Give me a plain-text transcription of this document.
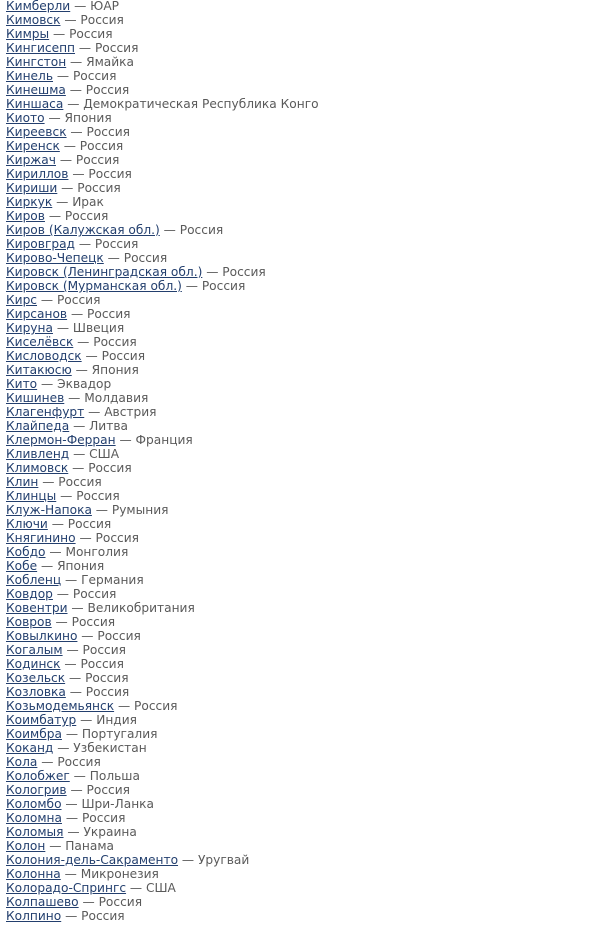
Кимберли — ЮАР
Кимовск — Россия
Кимры — Россия
Кингисепп — Россия
Кингстон — Ямайка
Кинель — Россия
Кинешма — Россия
Киншаса — Демократическая Республика Конго
Киото — Япония
Киреевск — Россия
Киренск — Россия
Киржач — Россия
Кириллов — Россия
Кириши — Россия
Киркук — Ирак
Киров — Россия
Киров (Калужская обл.) — Россия
Кировград — Россия
Кирово-Чепецк — Россия
Кировск (Ленинградская обл.) — Россия
Кировск (Мурманская обл.) — Россия
Кирс — Россия
Кирсанов — Россия
Кируна — Швеция
Киселёвск — Россия
Кисловодск — Россия
Китакюсю — Япония
Кито — Эквадор
Кишинев — Молдавия
Клагенфурт — Австрия
Клайпеда — Литва
Клермон-Ферран — Франция
Кливленд — США
Климовск — Россия
Клин — Россия
Клинцы — Россия
Клуж-Напока — Румыния
Ключи — Россия
Княгинино — Россия
Кобдо — Монголия
Кобе — Япония
Кобленц — Германия
Ковдор — Россия
Ковентри — Великобритания
Ковров — Россия
Ковылкино — Россия
Когалым — Россия
Кодинск — Россия
Козельск — Россия
Козловка — Россия
Козьмодемьянск — Россия
Коимбатур — Индия
Коимбра — Португалия
Коканд — Узбекистан
Кола — Россия
Колобжег — Польша
Кологрив — Россия
Коломбо — Шри-Ланка
Коломна — Россия
Коломыя — Украина
Колон — Панама
Колония-дель-Сакраменто — Уругвай
Колонна — Микронезия
Колорадо-Спрингс — США
Колпашево — Россия
Колпино — Россия
